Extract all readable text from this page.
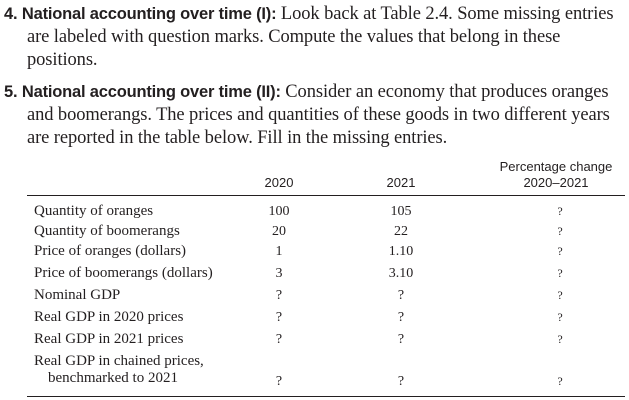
4. National accounting over time (I): Look back at Table 2.4. Some missing entries are labeled with question marks. Compute the values that belong in these positions.
5. National accounting over time (II): Consider an economy that produces oranges and boomerangs. The prices and quantities of these goods in two different years are reported in the table below. Fill in the missing entries.
Percentage change
2020–2021
2020	2021
Quantity of oranges	100	105	?
Quantity of boomerangs	20	22	?
Price of oranges (dollars)	1	1.10	?
Price of boomerangs (dollars)	3	3.10	?
Nominal GDP	?	?	?
Real GDP in 2020 prices	?	?	?
Real GDP in 2021 prices	?	?	?
Real GDP in chained prices,
benchmarked to 2021	?	?	?
